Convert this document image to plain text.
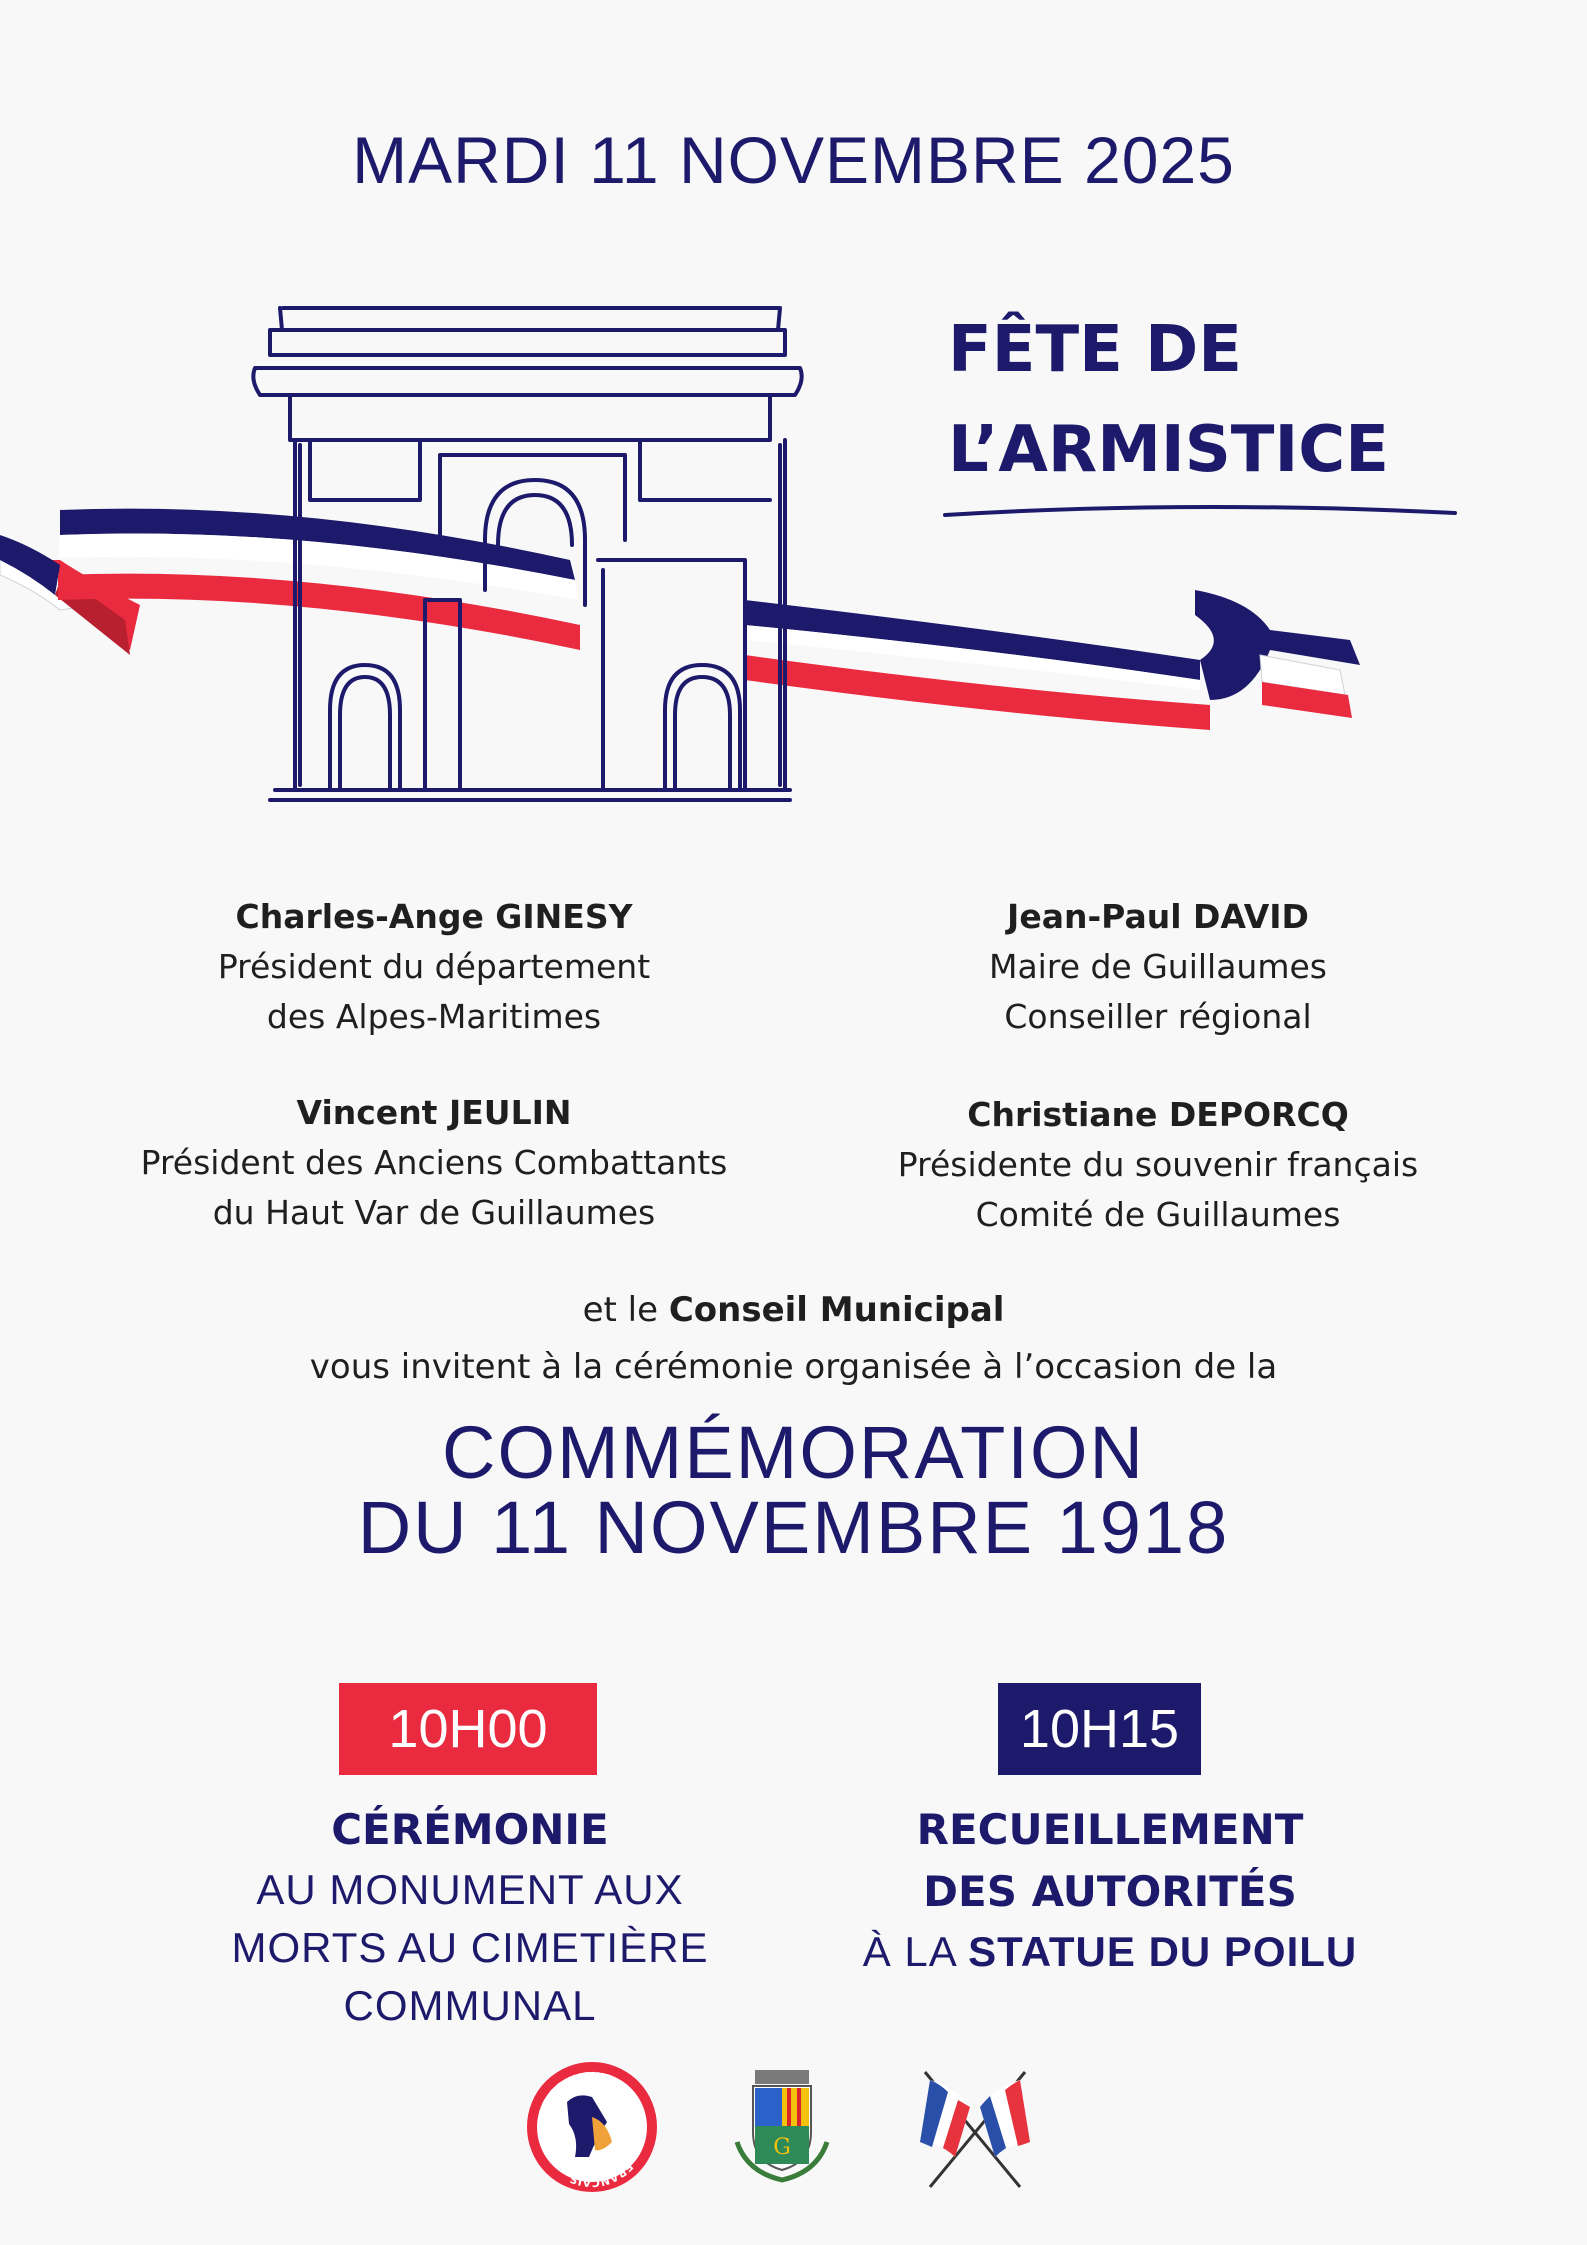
MARDI 11 NOVEMBRE 2025
FÊTE DE
L’ARMISTICE
Charles-Ange GINESY
Président du département
des Alpes-Maritimes
Jean-Paul DAVID
Maire de Guillaumes
Conseiller régional
Vincent JEULIN
Président des Anciens Combattants
du Haut Var de Guillaumes
Christiane DEPORCQ
Présidente du souvenir français
Comité de Guillaumes
et le Conseil Municipal
vous invitent à la cérémonie organisée à l’occasion de la
COMMÉMORATION
DU 11 NOVEMBRE 1918
10H00	10H15
CÉRÉMONIE
AU MONUMENT AUX
MORTS AU CIMETIÈRE
COMMUNAL
RECUEILLEMENT
DES AUTORITÉS
À LA STATUE DU POILU
LE SOUVENIR
FRANÇAIS
G
